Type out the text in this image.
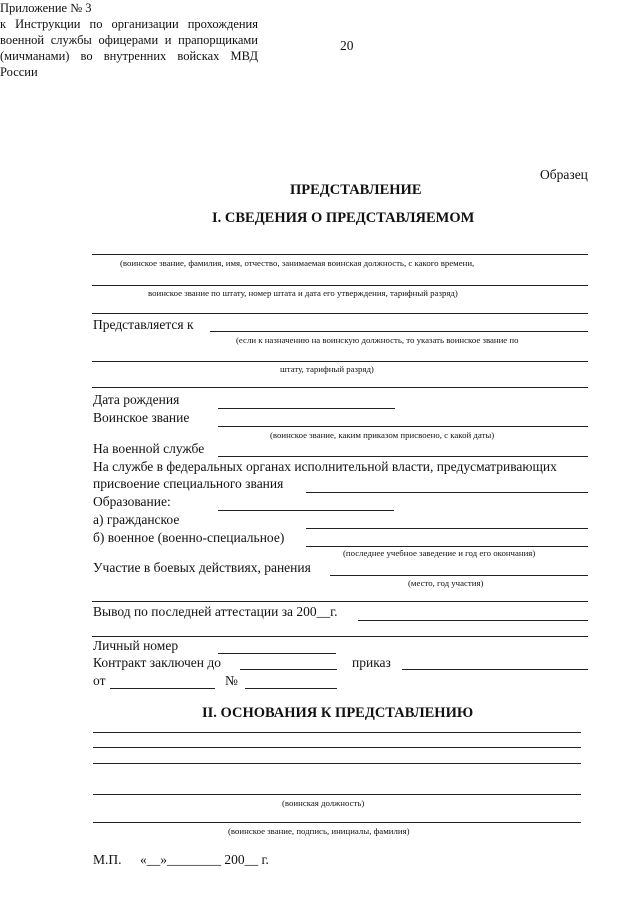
20
Приложение № 3
к Инструкции по организации прохождения военной службы офицерами и прапорщиками (мичманами) во внутренних войсках МВД России
Образец
ПРЕДСТАВЛЕНИЕ
I. СВЕДЕНИЯ О ПРЕДСТАВЛЯЕМОМ
(воинское звание, фамилия, имя, отчество, занимаемая воинская должность, с какого времени,
воинское звание по штату, номер штата и дата его утверждения, тарифный разряд)
Представляется к
(если к назначению на воинскую должность, то указать воинское звание по
штату, тарифный разряд)
Дата рождения
Воинское звание
(воинское звание, каким приказом присвоено, с какой даты)
На военной службе
На службе в федеральных органах исполнительной власти, предусматривающих
присвоение специального звания
Образование:
а) гражданское
б) военное (военно-специальное)
(последнее учебное заведение и год его окончания)
Участие в боевых действиях, ранения
(место, год участия)
Вывод по последней аттестации за 200__г.
Личный номер
Контракт заключен до	приказ
от	№
II. ОСНОВАНИЯ К ПРЕДСТАВЛЕНИЮ
(воинская должность)
(воинское звание, подпись, инициалы, фамилия)
М.П. «__»________ 200__ г.
